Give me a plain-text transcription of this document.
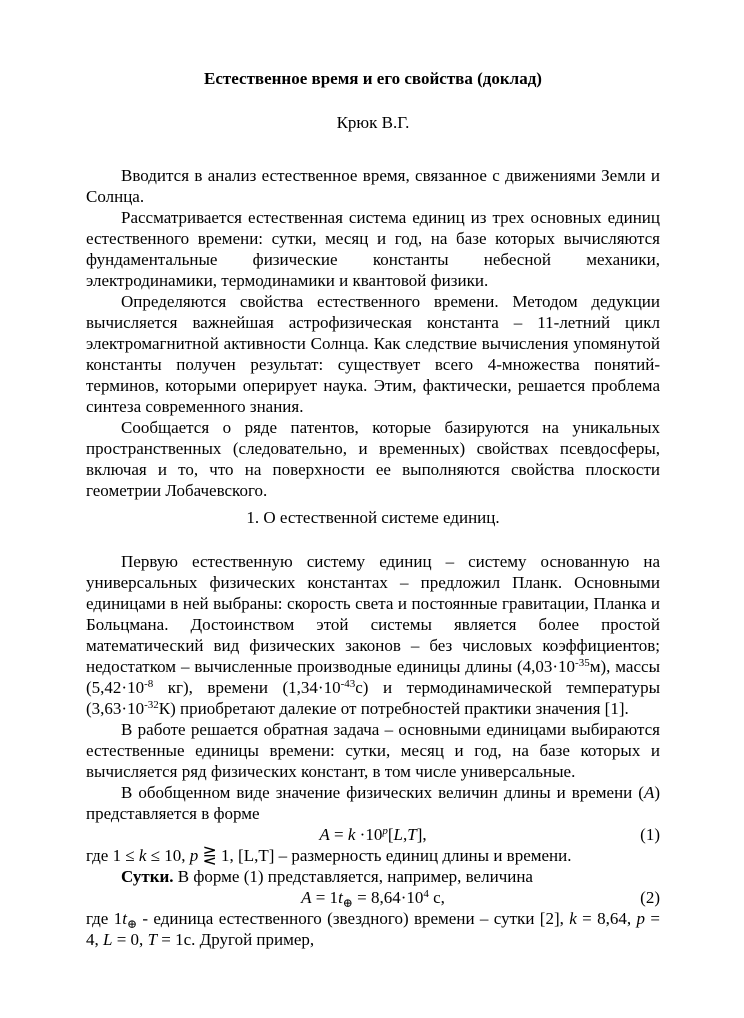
Естественное время и его свойства (доклад)
Крюк В.Г.

Вводится в анализ естественное время, связанное с движениями Земли и Солнца.

Рассматривается естественная система единиц из трех основных единиц естественного времени: сутки, месяц и год, на базе которых вычисляются фундаментальные физические константы небесной механики, электродинамики, термодинамики и квантовой физики.

Определяются свойства естественного времени. Методом дедукции вычисляется важнейшая астрофизическая константа – 11-летний цикл электромагнитной активности Солнца. Как следствие вычисления упомянутой константы получен результат: существует всего 4-множества понятий-терминов, которыми оперирует наука. Этим, фактически, решается проблема синтеза современного знания.

Сообщается о ряде патентов, которые базируются на уникальных пространственных (следовательно, и временных) свойствах псевдосферы, включая и то, что на поверхности ее выполняются свойства плоскости геометрии Лобачевского.

1. О естественной системе единиц.

Первую естественную систему единиц – систему основанную на универсальных физических константах – предложил Планк. Основными единицами в ней выбраны: скорость света и постоянные гравитации, Планка и Больцмана. Достоинством этой системы является более простой математический вид физических законов – без числовых коэффициентов; недостатком – вычисленные производные единицы длины $(4,03\cdot 10^{-35}м)$, массы ($5,42\cdot 10^{-8}$ кг), времени $(1,34\cdot 10^{-43}с)$ и термодинамической температуры $(3,63\cdot 10^{-32}К)$ приобретают далекие от потребностей практики значения [1].

В работе решается обратная задача – основными единицами выбираются естественные единицы времени: сутки, месяц и год, на базе которых и вычисляется ряд физических констант, в том числе универсальные.

В обобщенном виде значение физических величин длины и времени (A) представляется в форме

$A = k \cdot 10^p[L,T]$,	(1)

где 1 ≤ k ≤ 10, p ⋛ 1, [L,T] – размерность единиц длины и времени.

Сутки. В форме (1) представляется, например, величина

$A = 1t_\oplus = 8,64\cdot 10^4$ с,	(2)

где $1t_\oplus$ - единица естественного (звездного) времени – сутки [2], k = 8,64, p = 4, L = 0, T = 1с. Другой пример,
